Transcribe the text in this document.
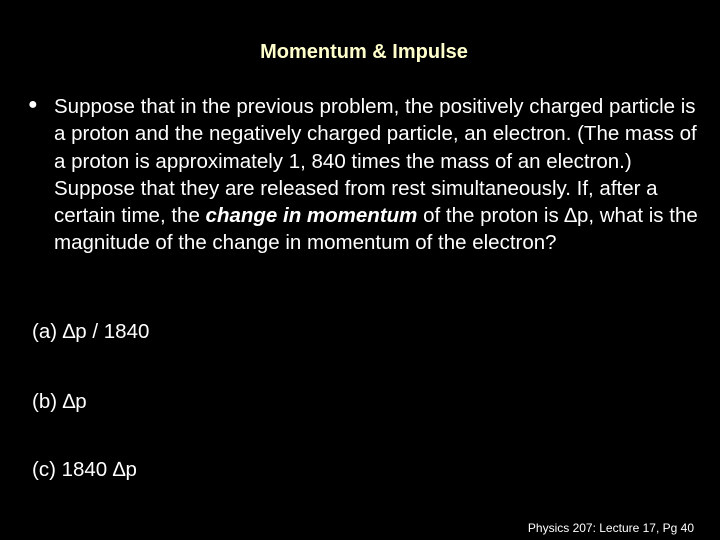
Momentum & Impulse
● Suppose that in the previous problem, the positively charged particle is a proton and the negatively charged particle, an electron. (The mass of a proton is approximately 1, 840 times the mass of an electron.) Suppose that they are released from rest simultaneously. If, after a certain time, the change in momentum of the proton is ∆p, what is the magnitude of the change in momentum of the electron?
(a) ∆p / 1840
(b) ∆p
(c) 1840 ∆p
Physics 207: Lecture 17, Pg 40
